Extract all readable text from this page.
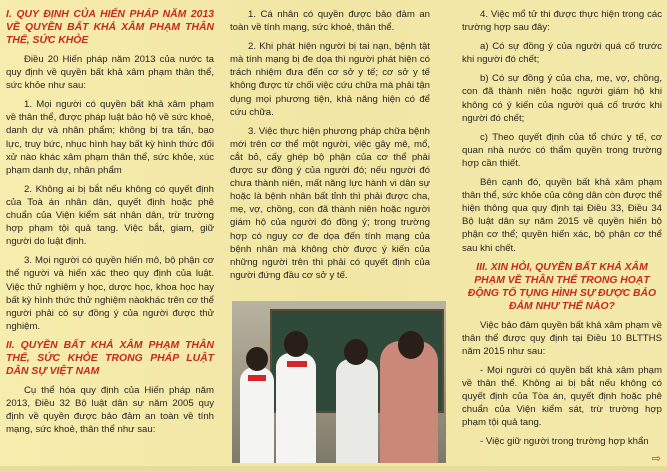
I. QUY ĐỊNH CỦA HIẾN PHÁP NĂM 2013 VỀ QUYỀN BẤT KHẢ XÂM PHẠM THÂN THỂ, SỨC KHỎE

Điều 20 Hiến pháp năm 2013 của nước ta quy định về quyền bất khả xâm phạm thân thể, sức khỏe như sau:

1. Mọi người có quyền bất khả xâm phạm về thân thể, được pháp luật bảo hộ về sức khoẻ, danh dự và nhân phẩm; không bị tra tấn, bạo lực, truy bức, nhục hình hay bất kỳ hình thức đối xử nào khác xâm phạm thân thể, sức khỏe, xúc phạm danh dự, nhân phẩm

2. Không ai bị bắt nếu không có quyết định của Toà án nhân dân, quyết định hoặc phê chuẩn của Viện kiểm sát nhân dân, trừ trường hợp phạm tội quả tang. Việc bắt, giam, giữ người do luật định.

3. Mọi người có quyền hiến mô, bộ phận cơ thể người và hiến xác theo quy định của luật. Việc thử nghiệm y học, dược học, khoa học hay bất kỳ hình thức thử nghiệm nàokhác trên cơ thể người phải có sự đồng ý của người được thử nghiệm.

II. QUYỀN BẤT KHẢ XÂM PHẠM THÂN THỂ, SỨC KHỎE TRONG PHÁP LUẬT DÂN SỰ VIỆT NAM

Cụ thể hóa quy định của Hiến pháp năm 2013, Điều 32 Bộ luật dân sự năm 2005 quy định về quyền được bảo đảm an toàn về tính mạng, sức khoẻ, thân thể như sau:

1. Cá nhân có quyền được bảo đảm an toàn về tính mạng, sức khoẻ, thân thể.

2. Khi phát hiện người bị tai nạn, bệnh tật mà tính mạng bị đe dọa thì người phát hiện có trách nhiệm đưa đến cơ sở y tế; cơ sở y tế không được từ chối việc cứu chữa mà phải tận dụng mọi phương tiện, khả năng hiện có để cứu chữa.

3. Việc thực hiện phương pháp chữa bệnh mới trên cơ thể một người, việc gây mê, mổ, cắt bỏ, cấy ghép bộ phận của cơ thể phải được sự đồng ý của người đó; nếu người đó chưa thành niên, mất năng lực hành vi dân sự hoặc là bệnh nhân bất tỉnh thì phải được cha, mẹ, vợ, chồng, con đã thành niên hoặc người giám hộ của người đó đồng ý; trong trường hợp có nguy cơ đe dọa đến tính mạng của bệnh nhân mà không chờ được ý kiến của những người trên thì phải có quyết định của người đứng đầu cơ sở y tế.

4. Việc mổ tử thi được thực hiện trong các trường hợp sau đây:

a) Có sự đồng ý của người quá cố trước khi người đó chết;

b) Có sự đồng ý của cha, mẹ, vợ, chồng, con đã thành niên hoặc người giám hộ khi không có ý kiến của người quá cố trước khi người đó chết;

c) Theo quyết định của tổ chức y tế, cơ quan nhà nước có thẩm quyền trong trường hợp cần thiết.

Bên cạnh đó, quyền bất khả xâm phạm thân thể, sức khỏe của công dân còn được thể hiện thông qua quy định tại Điều 33, Điều 34 Bộ luật dân sự năm 2015 về quyền hiến bộ phận cơ thể; quyền hiến xác, bộ phận cơ thể sau khi chết.

III. XIN HỎI, QUYỀN BẤT KHẢ XÂM PHẠM VỀ THÂN THỂ TRONG HOẠT ĐỘNG TỐ TỤNG HÌNH SỰ ĐƯỢC BẢO ĐẢM NHƯ THẾ NÀO?

Việc bảo đảm quyền bất khả xâm phạm về thân thể được quy định tại Điều 10 BLTTHS năm 2015 như sau:

- Mọi người có quyền bất khả xâm phạm về thân thể. Không ai bị bắt nếu không có quyết định của Tòa án, quyết định hoặc phê chuẩn của Viện kiểm sát, trừ trường hợp phạm tội quả tang.

- Việc giữ người trong trường hợp khẩn

⇨
